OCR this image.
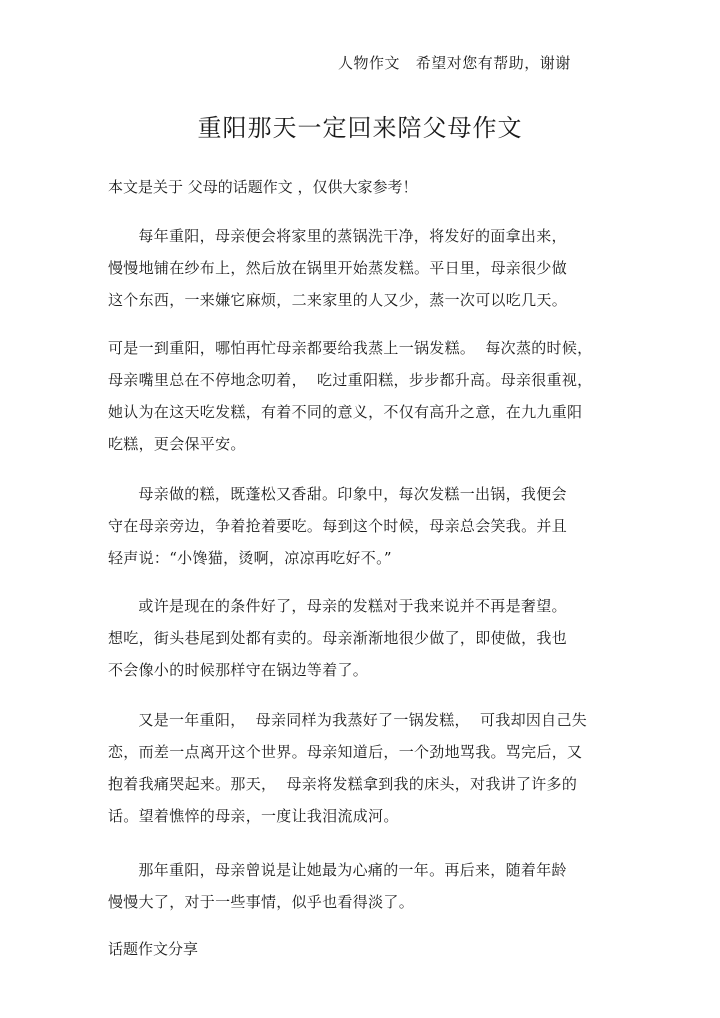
人物作文   希望对您有帮助，谢谢
重阳那天一定回来陪父母作文
本文是关于 父母的话题作文 ，仅供大家参考！
每年重阳，母亲便会将家里的蒸锅洗干净，将发好的面拿出来，
慢慢地铺在纱布上，然后放在锅里开始蒸发糕。平日里，母亲很少做
这个东西，一来嫌它麻烦，二来家里的人又少，蒸一次可以吃几天。
可是一到重阳，哪怕再忙母亲都要给我蒸上一锅发糕。  每次蒸的时候，
母亲嘴里总在不停地念叨着，  吃过重阳糕，步步都升高。母亲很重视，
她认为在这天吃发糕，有着不同的意义，不仅有高升之意，在九九重阳
吃糕，更会保平安。
母亲做的糕，既蓬松又香甜。印象中，每次发糕一出锅，我便会
守在母亲旁边，争着抢着要吃。每到这个时候，母亲总会笑我。并且
轻声说：“小馋猫，烫啊，凉凉再吃好不。”
或许是现在的条件好了，母亲的发糕对于我来说并不再是奢望。
想吃，街头巷尾到处都有卖的。母亲渐渐地很少做了，即使做，我也
不会像小的时候那样守在锅边等着了。
又是一年重阳，  母亲同样为我蒸好了一锅发糕，  可我却因自己失
恋，而差一点离开这个世界。母亲知道后，一个劲地骂我。骂完后，又
抱着我痛哭起来。那天，  母亲将发糕拿到我的床头，对我讲了许多的
话。望着憔悴的母亲，一度让我泪流成河。
那年重阳，母亲曾说是让她最为心痛的一年。再后来，随着年龄
慢慢大了，对于一些事情，似乎也看得淡了。
话题作文分享
